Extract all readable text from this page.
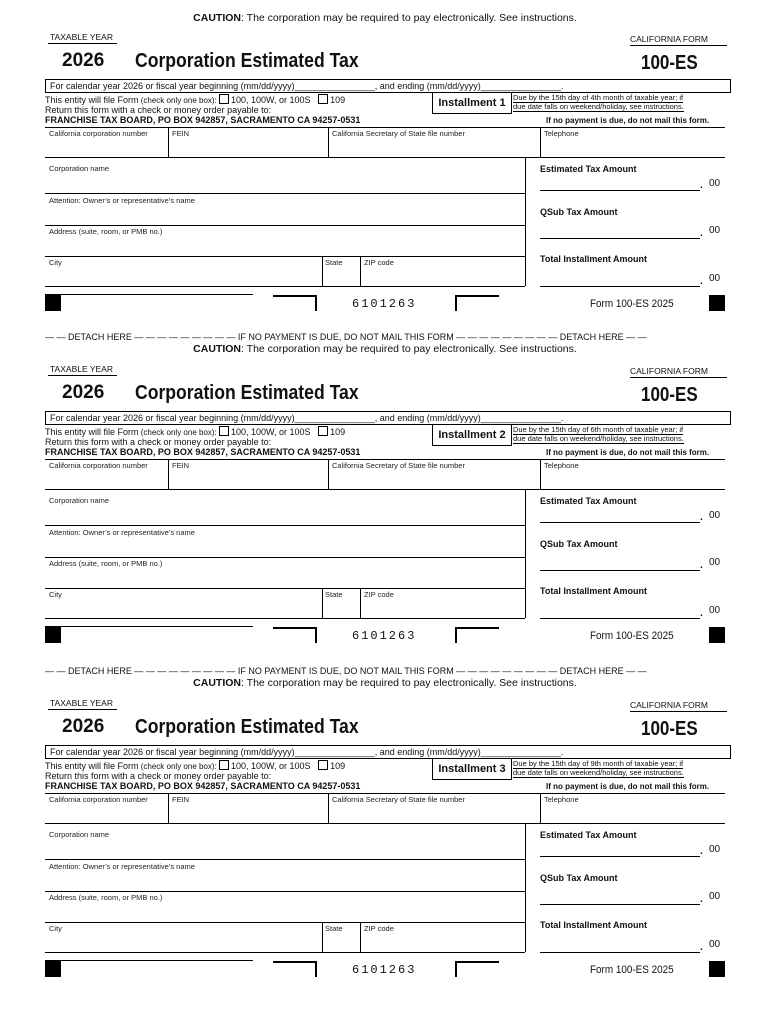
CAUTION: The corporation may be required to pay electronically. See instructions.
CAUTION: The corporation may be required to pay electronically. See instructions.
CAUTION: The corporation may be required to pay electronically. See instructions.
— — DETACH HERE — — — — — — — — — IF NO PAYMENT IS DUE, DO NOT MAIL THIS FORM — — — — — — — — — DETACH HERE — —
— — DETACH HERE — — — — — — — — — IF NO PAYMENT IS DUE, DO NOT MAIL THIS FORM — — — — — — — — — DETACH HERE — —
TAXABLE YEAR	CALIFORNIA FORM
2026 Corporation Estimated Tax	100-ES
For calendar year 2026 or fiscal year beginning (mm/dd/yyyy)________________, and ending (mm/dd/yyyy)________________.
This entity will file Form (check only one box): 100, 100W, or 100S 109
Return this form with a check or money order payable to:
FRANCHISE TAX BOARD, PO BOX 942857, SACRAMENTO CA 94257-0531
Installment 1 Due by the 15th day of 4th month of taxable year; if
due date falls on weekend/holiday, see instructions.
If no payment is due, do not mail this form.
California corporation number	FEIN	California Secretary of State file number	Telephone
Corporation name
Attention: Owner’s or representative’s name
Address (suite, room, or PMB no.)
City	State	ZIP code
Estimated Tax Amount
. 00
QSub Tax Amount
. 00
Total Installment Amount
. 00
6101263	Form 100-ES 2025
TAXABLE YEAR	CALIFORNIA FORM
2026 Corporation Estimated Tax	100-ES
For calendar year 2026 or fiscal year beginning (mm/dd/yyyy)________________, and ending (mm/dd/yyyy)________________.
This entity will file Form (check only one box): 100, 100W, or 100S 109
Return this form with a check or money order payable to:
FRANCHISE TAX BOARD, PO BOX 942857, SACRAMENTO CA 94257-0531
Installment 2 Due by the 15th day of 6th month of taxable year; if
due date falls on weekend/holiday, see instructions.
If no payment is due, do not mail this form.
California corporation number	FEIN	California Secretary of State file number	Telephone
Corporation name
Attention: Owner’s or representative’s name
Address (suite, room, or PMB no.)
City	State	ZIP code
Estimated Tax Amount
. 00
QSub Tax Amount
. 00
Total Installment Amount
. 00
6101263	Form 100-ES 2025
TAXABLE YEAR	CALIFORNIA FORM
2026 Corporation Estimated Tax	100-ES
For calendar year 2026 or fiscal year beginning (mm/dd/yyyy)________________, and ending (mm/dd/yyyy)________________.
This entity will file Form (check only one box): 100, 100W, or 100S 109
Return this form with a check or money order payable to:
FRANCHISE TAX BOARD, PO BOX 942857, SACRAMENTO CA 94257-0531
Installment 3 Due by the 15th day of 9th month of taxable year; if
due date falls on weekend/holiday, see instructions.
If no payment is due, do not mail this form.
California corporation number	FEIN	California Secretary of State file number	Telephone
Corporation name
Attention: Owner’s or representative’s name
Address (suite, room, or PMB no.)
City	State	ZIP code
Estimated Tax Amount
. 00
QSub Tax Amount
. 00
Total Installment Amount
. 00
6101263	Form 100-ES 2025
